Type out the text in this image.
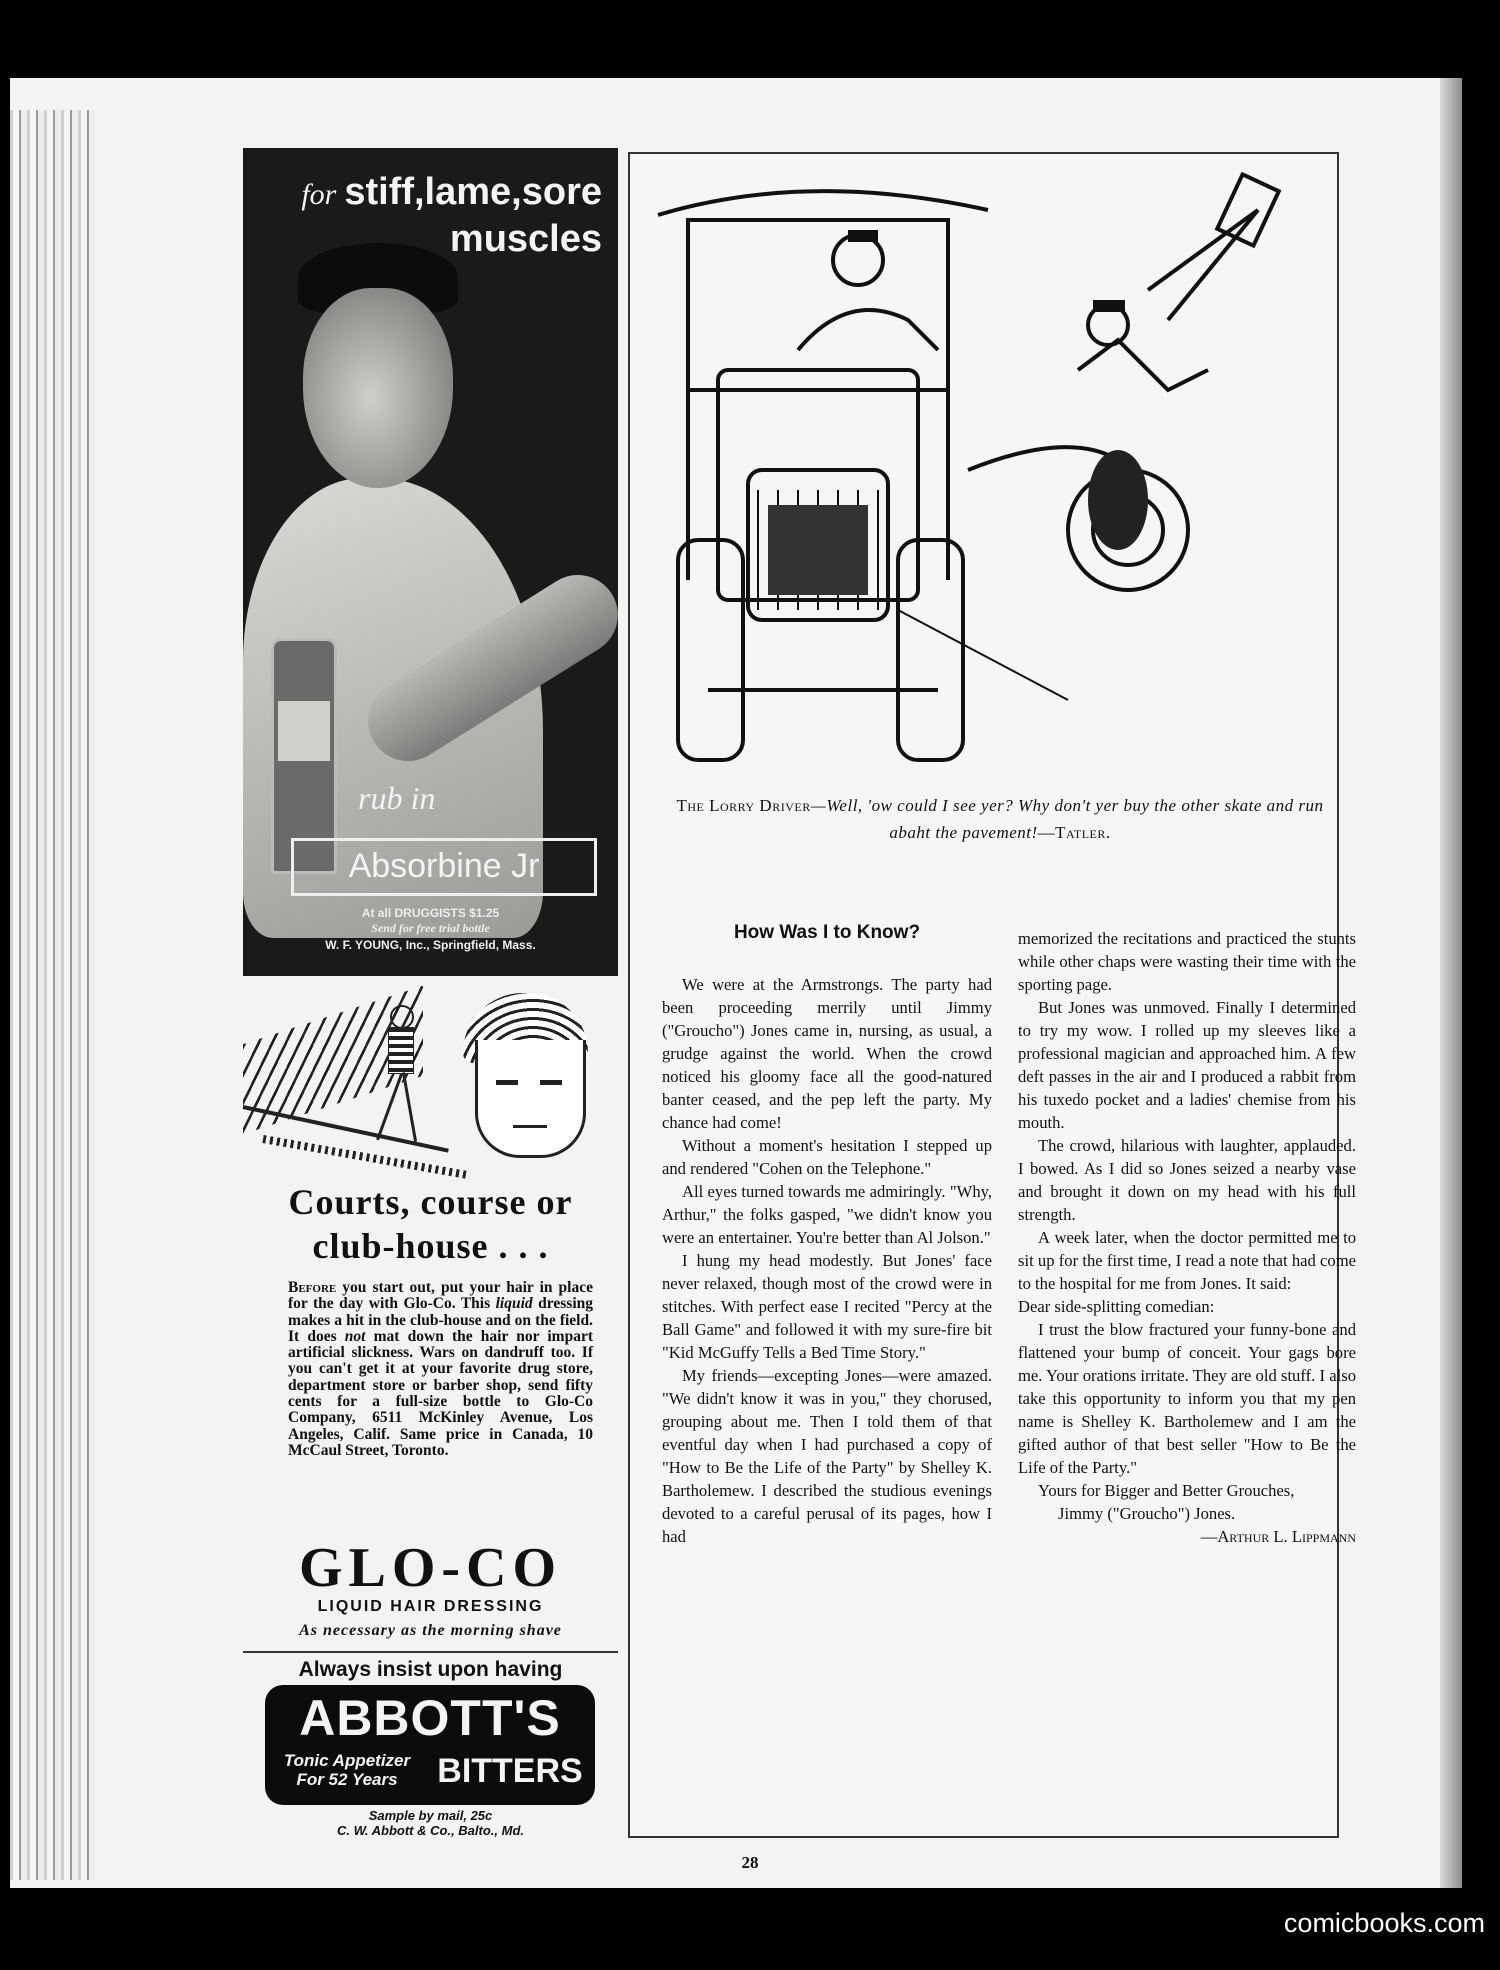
for stiff,lame,sore muscles
rub in
Absorbine Jr
At all DRUGGISTS $1.25
Send for free trial bottle
W. F. YOUNG, Inc., Springfield, Mass.
Courts, course or club-house . . .
Before you start out, put your hair in place for the day with Glo-Co. This liquid dressing makes a hit in the club-house and on the field. It does not mat down the hair nor impart artificial slickness. Wars on dandruff too. If you can't get it at your favorite drug store, department store or barber shop, send fifty cents for a full-size bottle to Glo-Co Company, 6511 McKinley Avenue, Los Angeles, Calif. Same price in Canada, 10 McCaul Street, Toronto.
GLO-CO
LIQUID HAIR DRESSING
As necessary as the morning shave
Always insist upon having
ABBOTT'S
Tonic Appetizer For 52 Years	BITTERS
Sample by mail, 25c
C. W. Abbott & Co., Balto., Md.
The Lorry Driver—Well, 'ow could I see yer? Why don't yer buy the other skate and run abaht the pavement!—Tatler.
How Was I to Know?

We were at the Armstrongs. The party had been proceeding merrily until Jimmy ("Groucho") Jones came in, nursing, as usual, a grudge against the world. When the crowd noticed his gloomy face all the good-natured banter ceased, and the pep left the party. My chance had come!

Without a moment's hesitation I stepped up and rendered "Cohen on the Telephone."

All eyes turned towards me admiringly. "Why, Arthur," the folks gasped, "we didn't know you were an entertainer. You're better than Al Jolson."

I hung my head modestly. But Jones' face never relaxed, though most of the crowd were in stitches. With perfect ease I recited "Percy at the Ball Game" and followed it with my sure-fire bit "Kid McGuffy Tells a Bed Time Story."

My friends—excepting Jones—were amazed. "We didn't know it was in you," they chorused, grouping about me. Then I told them of that eventful day when I had purchased a copy of "How to Be the Life of the Party" by Shelley K. Bartholemew. I described the studious evenings devoted to a careful perusal of its pages, how I had

memorized the recitations and practiced the stunts while other chaps were wasting their time with the sporting page.

But Jones was unmoved. Finally I determined to try my wow. I rolled up my sleeves like a professional magician and approached him. A few deft passes in the air and I produced a rabbit from his tuxedo pocket and a ladies' chemise from his mouth.

The crowd, hilarious with laughter, applauded. I bowed. As I did so Jones seized a nearby vase and brought it down on my head with his full strength.

A week later, when the doctor permitted me to sit up for the first time, I read a note that had come to the hospital for me from Jones. It said:

Dear side-splitting comedian:

I trust the blow fractured your funny-bone and flattened your bump of conceit. Your gags bore me. Your orations irritate. They are old stuff. I also take this opportunity to inform you that my pen name is Shelley K. Bartholemew and I am the gifted author of that best seller "How to Be the Life of the Party."

Yours for Bigger and Better Grouches,

Jimmy ("Groucho") Jones.

—Arthur L. Lippmann

28
comicbooks.com
